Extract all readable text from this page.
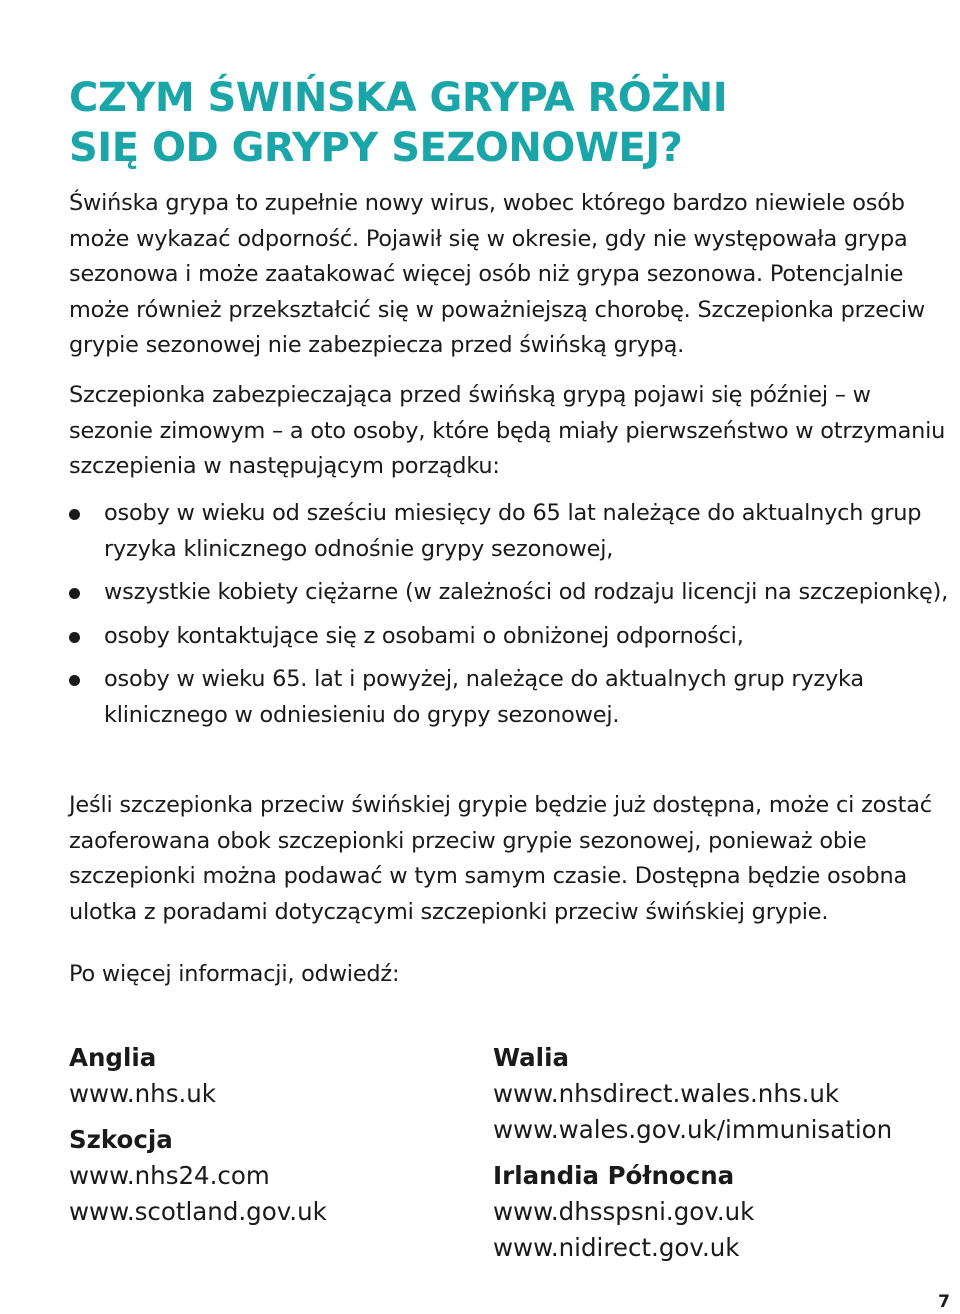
CZYM ŚWIŃSKA GRYPA RÓŻNI
SIĘ OD GRYPY SEZONOWEJ?

Świńska grypa to zupełnie nowy wirus, wobec którego bardzo niewiele osób może wykazać odporność. Pojawił się w okresie, gdy nie występowała grypa sezonowa i może zaatakować więcej osób niż grypa sezonowa. Potencjalnie może również przekształcić się w poważniejszą chorobę. Szczepionka przeciw grypie sezonowej nie zabezpiecza przed świńską grypą.

Szczepionka zabezpieczająca przed świńską grypą pojawi się później – w sezonie zimowym – a oto osoby, które będą miały pierwszeństwo w otrzymaniu szczepienia w następującym porządku:

osoby w wieku od sześciu miesięcy do 65 lat należące do aktualnych grup ryzyka klinicznego odnośnie grypy sezonowej,
wszystkie kobiety ciężarne (w zależności od rodzaju licencji na szczepionkę),
osoby kontaktujące się z osobami o obniżonej odporności,
osoby w wieku 65. lat i powyżej, należące do aktualnych grup ryzyka klinicznego w odniesieniu do grypy sezonowej.

Jeśli szczepionka przeciw świńskiej grypie będzie już dostępna, może ci zostać zaoferowana obok szczepionki przeciw grypie sezonowej, ponieważ obie szczepionki można podawać w tym samym czasie. Dostępna będzie osobna ulotka z poradami dotyczącymi szczepionki przeciw świńskiej grypie.

Po więcej informacji, odwiedź:

Anglia
www.nhs.uk
Szkocja
www.nhs24.com
www.scotland.gov.uk
Walia
www.nhsdirect.wales.nhs.uk
www.wales.gov.uk/immunisation
Irlandia Północna
www.dhsspsni.gov.uk
www.nidirect.gov.uk
7
